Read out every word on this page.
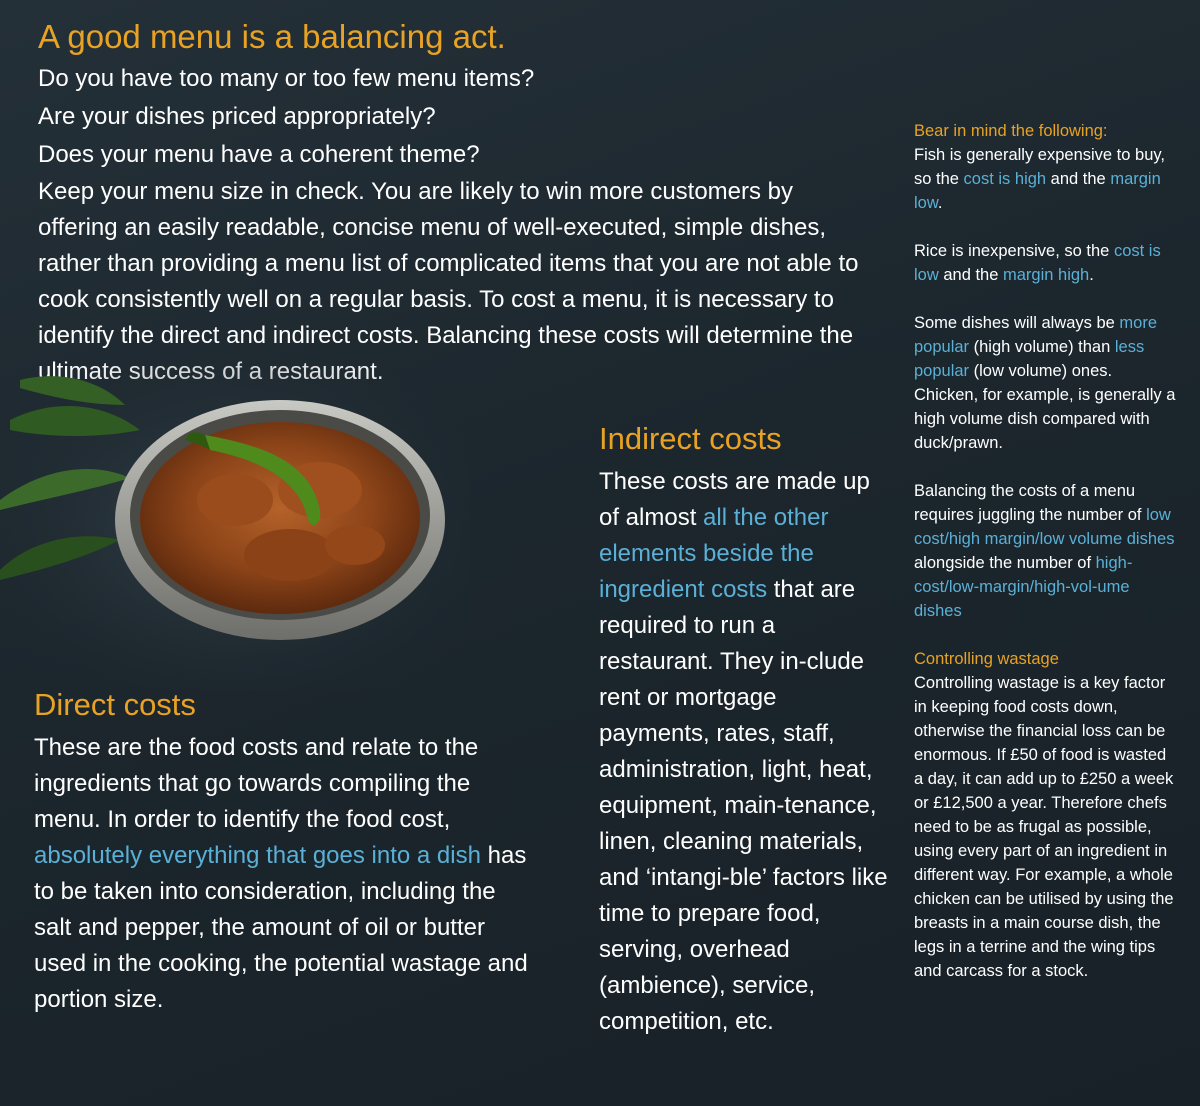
A good menu is a balancing act.

Do you have too many or too few menu items?

Are your dishes priced appropriately?

Does your menu have a coherent theme?

Keep your menu size in check. You are likely to win more customers by offering an easily readable, concise menu of well-executed, simple dishes, rather than providing a menu list of complicated items that you are not able to cook consistently well on a regular basis. To cost a menu, it is necessary to identify the direct and indirect costs. Balancing these costs will determine the

Direct costs

These are the food costs and relate to the ingredients that go towards compiling the menu. In order to identify the food cost, absolutely everything that goes into a dish has to be taken into consideration, including the salt and pepper, the amount of oil or butter used in the cooking, the potential wastage and portion size.

Indirect costs

These costs are made up of almost all the other elements beside the ingredient costs that are required to run a restaurant. They in-clude rent or mortgage payments, rates, staff, administration, light, heat, equipment, main-tenance, linen, cleaning materials, and ‘intangi-ble’ factors like time to prepare food, serving, overhead (ambience), service, competition, etc.

Bear in mind the following:

Fish is generally expensive to buy, so the cost is high and the margin low.

Rice is inexpensive, so the cost is low and the margin high.

Some dishes will always be more popular (high volume) than less popular (low volume) ones. Chicken, for example, is generally a high volume dish compared with duck/prawn.

Balancing the costs of a menu requires juggling the number of low cost/high margin/low volume dishes alongside the number of high-cost/low-margin/high-vol-ume dishes

Controlling wastage
Controlling wastage is a key factor in keeping food costs down, otherwise the financial loss can be enormous. If £50 of food is wasted a day, it can add up to £250 a week or £12,500 a year. Therefore chefs need to be as frugal as possible, using every part of an ingredient in different way. For example, a whole chicken can be utilised by using the breasts in a main course dish, the legs in a terrine and the wing tips and carcass for a stock.
